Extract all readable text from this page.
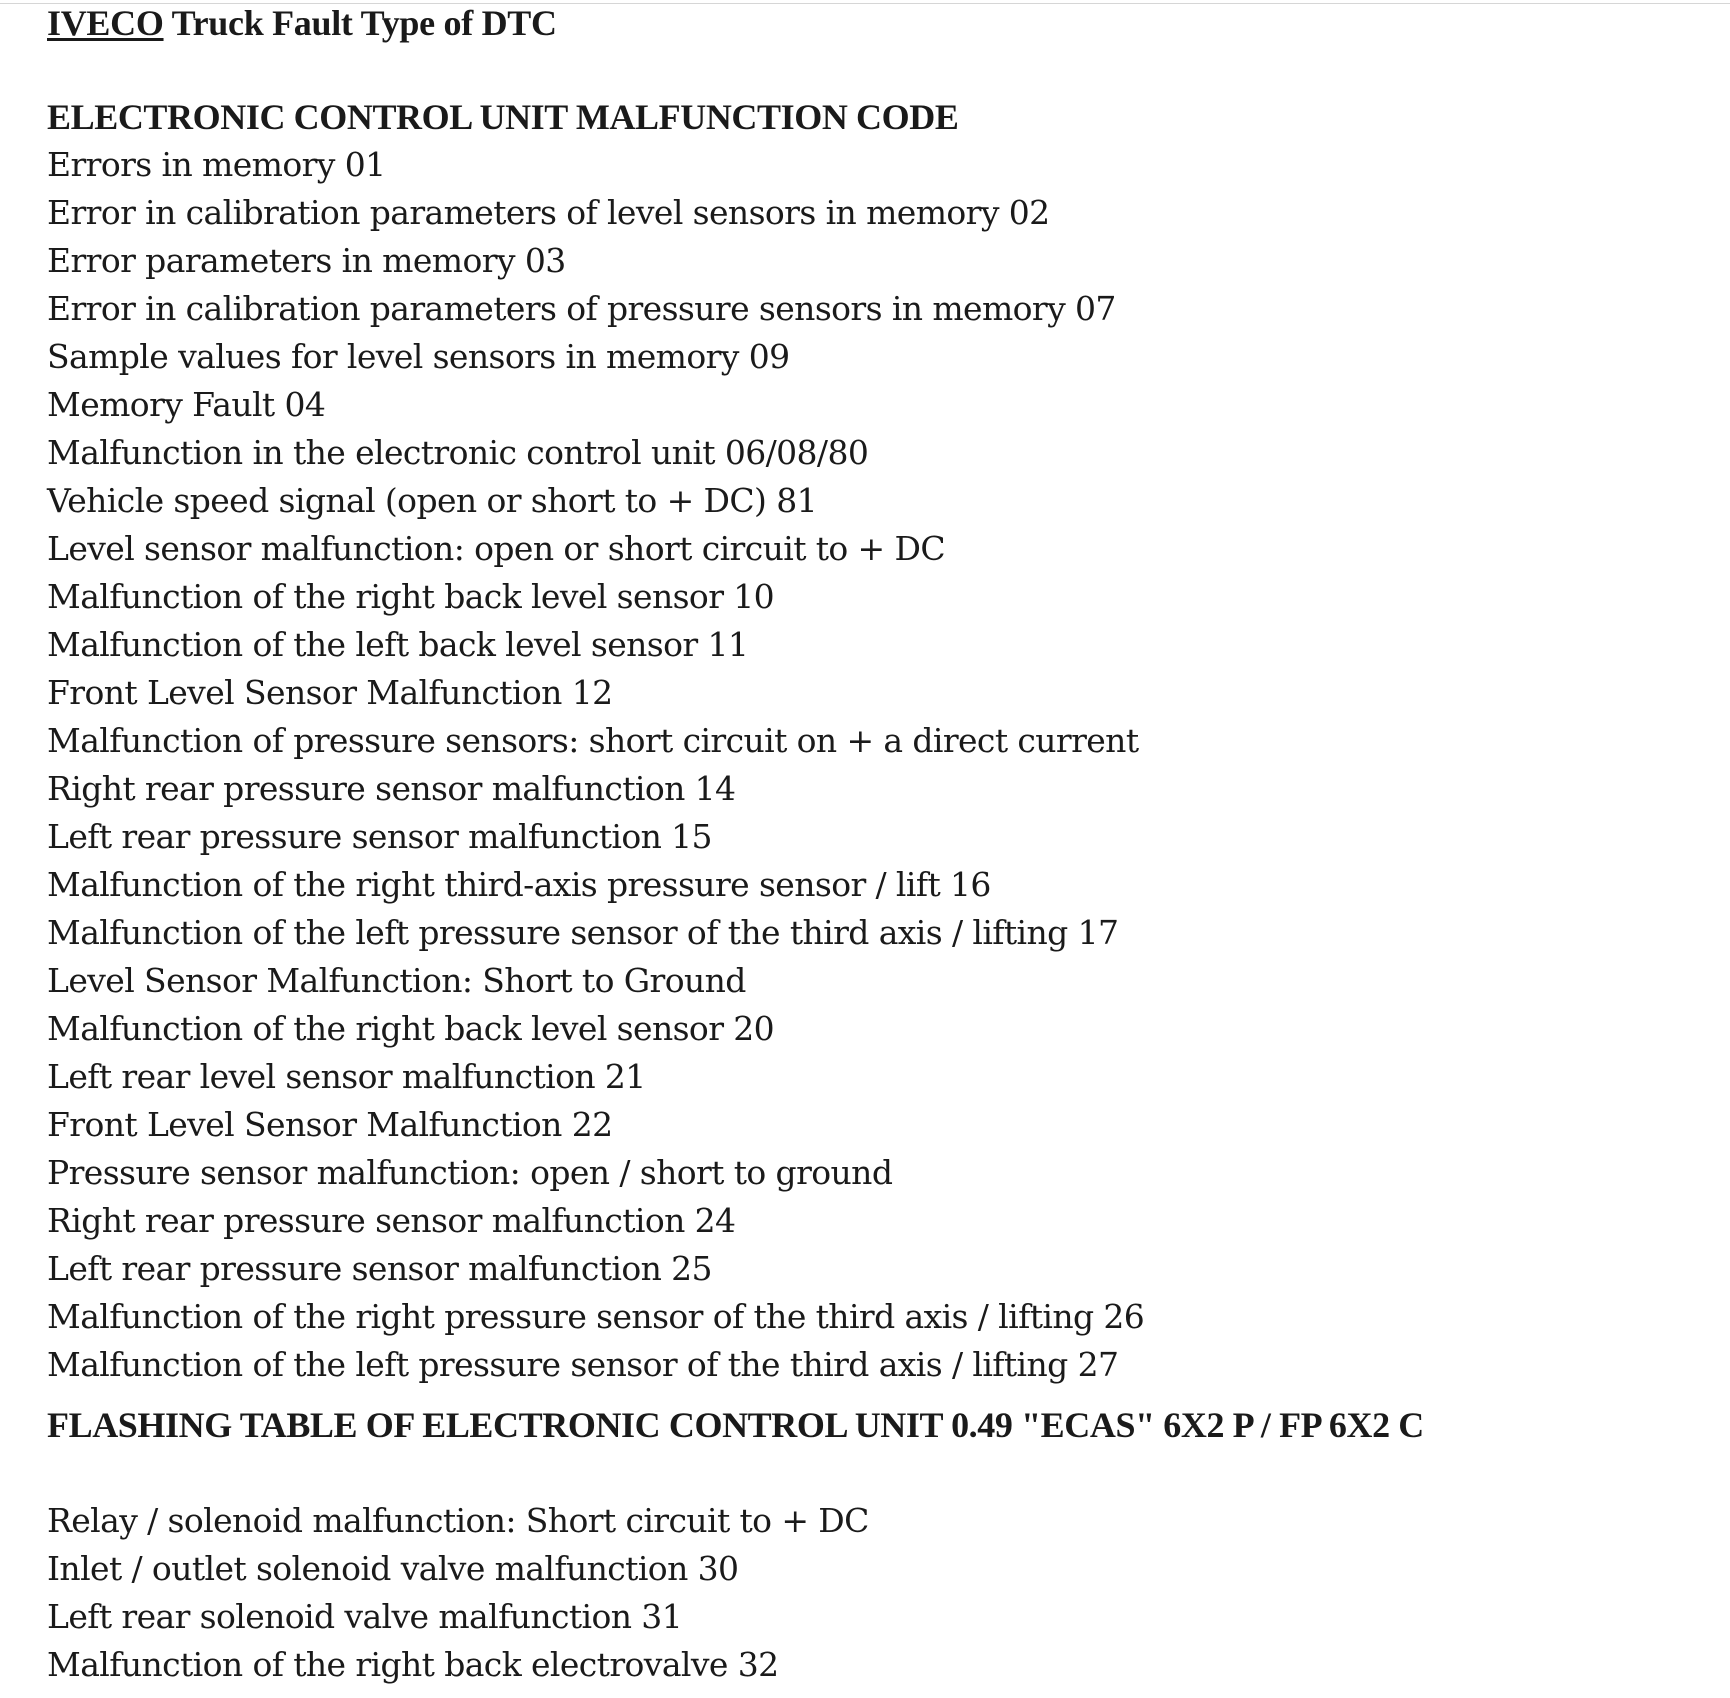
IVECO Truck Fault Type of DTC
ELECTRONIC CONTROL UNIT MALFUNCTION CODE
Errors in memory 01
Error in calibration parameters of level sensors in memory 02
Error parameters in memory 03
Error in calibration parameters of pressure sensors in memory 07
Sample values for level sensors in memory 09
Memory Fault 04
Malfunction in the electronic control unit 06/08/80
Vehicle speed signal (open or short to + DC) 81
Level sensor malfunction: open or short circuit to + DC
Malfunction of the right back level sensor 10
Malfunction of the left back level sensor 11
Front Level Sensor Malfunction 12
Malfunction of pressure sensors: short circuit on + a direct current
Right rear pressure sensor malfunction 14
Left rear pressure sensor malfunction 15
Malfunction of the right third-axis pressure sensor / lift 16
Malfunction of the left pressure sensor of the third axis / lifting 17
Level Sensor Malfunction: Short to Ground
Malfunction of the right back level sensor 20
Left rear level sensor malfunction 21
Front Level Sensor Malfunction 22
Pressure sensor malfunction: open / short to ground
Right rear pressure sensor malfunction 24
Left rear pressure sensor malfunction 25
Malfunction of the right pressure sensor of the third axis / lifting 26
Malfunction of the left pressure sensor of the third axis / lifting 27
FLASHING TABLE OF ELECTRONIC CONTROL UNIT 0.49 "ECAS" 6X2 P / FP 6X2 C
Relay / solenoid malfunction: Short circuit to + DC
Inlet / outlet solenoid valve malfunction 30
Left rear solenoid valve malfunction 31
Malfunction of the right back electrovalve 32
